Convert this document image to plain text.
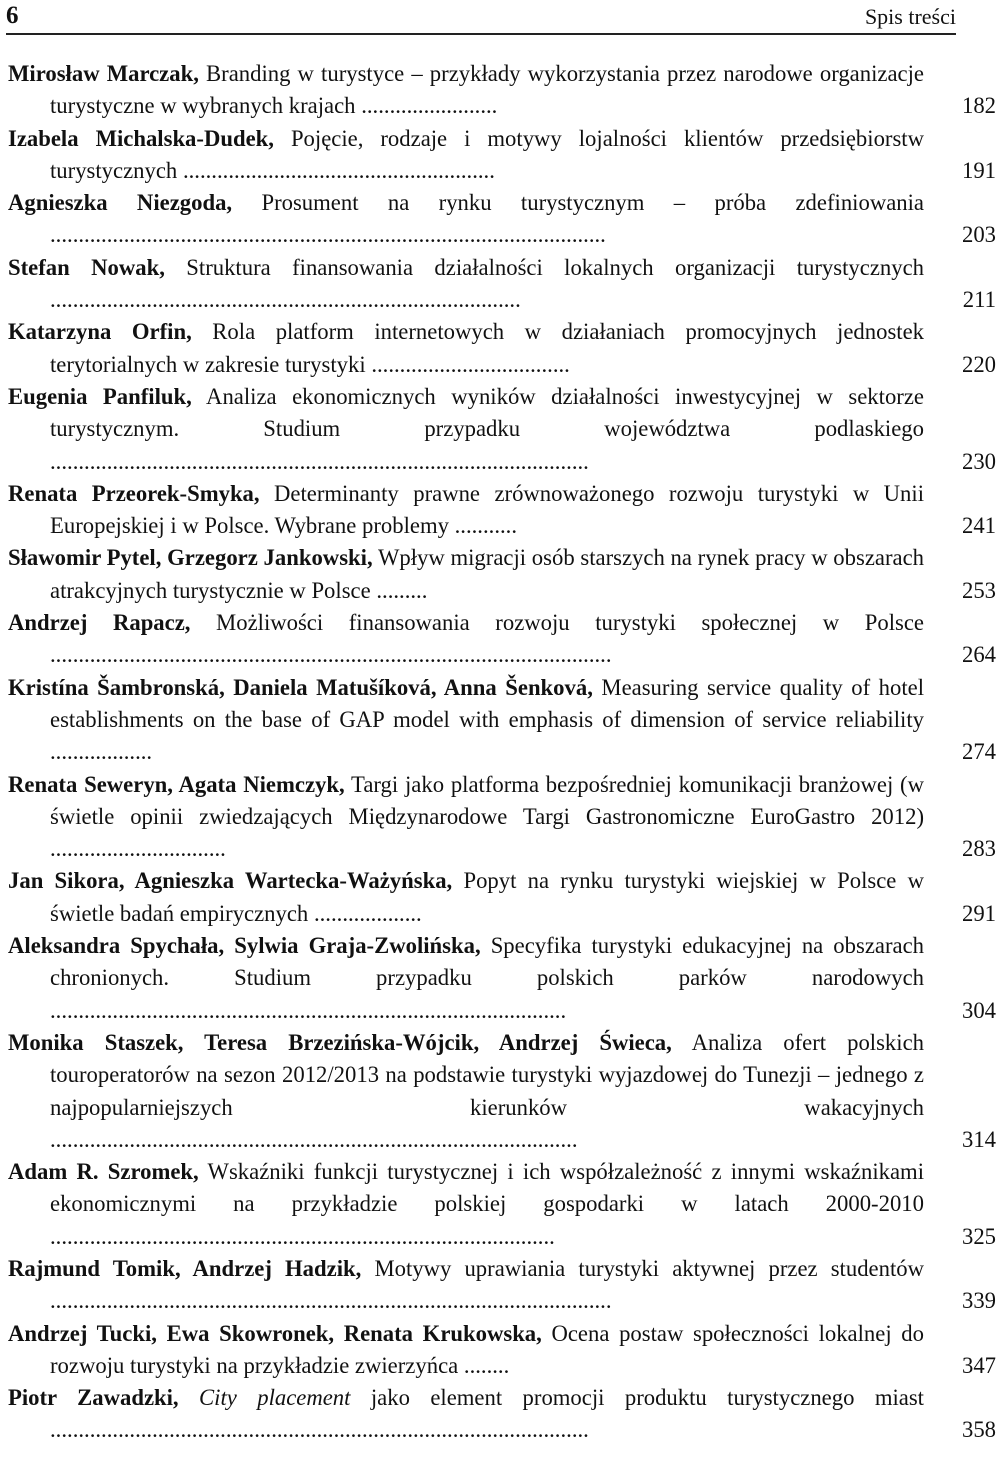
6	Spis treści
Mirosław Marczak, Branding w turystyce – przykłady wykorzystania przez narodowe organizacje turystyczne w wybranych krajach ........................	182
Izabela Michalska-Dudek, Pojęcie, rodzaje i motywy lojalności klientów przedsiębiorstw turystycznych .......................................................	191
Agnieszka Niezgoda, Prosument na rynku turystycznym – próba zdefiniowania ..................................................................................................	203
Stefan Nowak, Struktura finansowania działalności lokalnych organizacji turystycznych ...................................................................................	211
Katarzyna Orfin, Rola platform internetowych w działaniach promocyjnych jednostek terytorialnych w zakresie turystyki ...................................	220
Eugenia Panfiluk, Analiza ekonomicznych wyników działalności inwestycyjnej w sektorze turystycznym. Studium przypadku województwa podlaskiego ...............................................................................................	230
Renata Przeorek-Smyka, Determinanty prawne zrównoważonego rozwoju turystyki w Unii Europejskiej i w Polsce. Wybrane problemy ...........	241
Sławomir Pytel, Grzegorz Jankowski, Wpływ migracji osób starszych na rynek pracy w obszarach atrakcyjnych turystycznie w Polsce .........	253
Andrzej Rapacz, Możliwości finansowania rozwoju turystyki społecznej w Polsce ...................................................................................................	264
Kristína Šambronská, Daniela Matušíková, Anna Šenková, Measuring service quality of hotel establishments on the base of GAP model with emphasis of dimension of service reliability ..................	274
Renata Seweryn, Agata Niemczyk, Targi jako platforma bezpośredniej komunikacji branżowej (w świetle opinii zwiedzających Międzynarodowe Targi Gastronomiczne EuroGastro 2012) ...............................	283
Jan Sikora, Agnieszka Wartecka-Ważyńska, Popyt na rynku turystyki wiejskiej w Polsce w świetle badań empirycznych ...................	291
Aleksandra Spychała, Sylwia Graja-Zwolińska, Specyfika turystyki edukacyjnej na obszarach chronionych. Studium przypadku polskich parków narodowych ...........................................................................................	304
Monika Staszek, Teresa Brzezińska-Wójcik, Andrzej Świeca, Analiza ofert polskich touroperatorów na sezon 2012/2013 na podstawie turystyki wyjazdowej do Tunezji – jednego z najpopularniejszych kierunków wakacyjnych .............................................................................................	314
Adam R. Szromek, Wskaźniki funkcji turystycznej i ich współzależność z innymi wskaźnikami ekonomicznymi na przykładzie polskiej gospodarki w latach 2000-2010 .........................................................................................	325
Rajmund Tomik, Andrzej Hadzik, Motywy uprawiania turystyki aktywnej przez studentów ...................................................................................................	339
Andrzej Tucki, Ewa Skowronek, Renata Krukowska, Ocena postaw społeczności lokalnej do rozwoju turystyki na przykładzie zwierzyńca ........	347
Piotr Zawadzki, City placement jako element promocji produktu turystycznego miast ...............................................................................................	358
